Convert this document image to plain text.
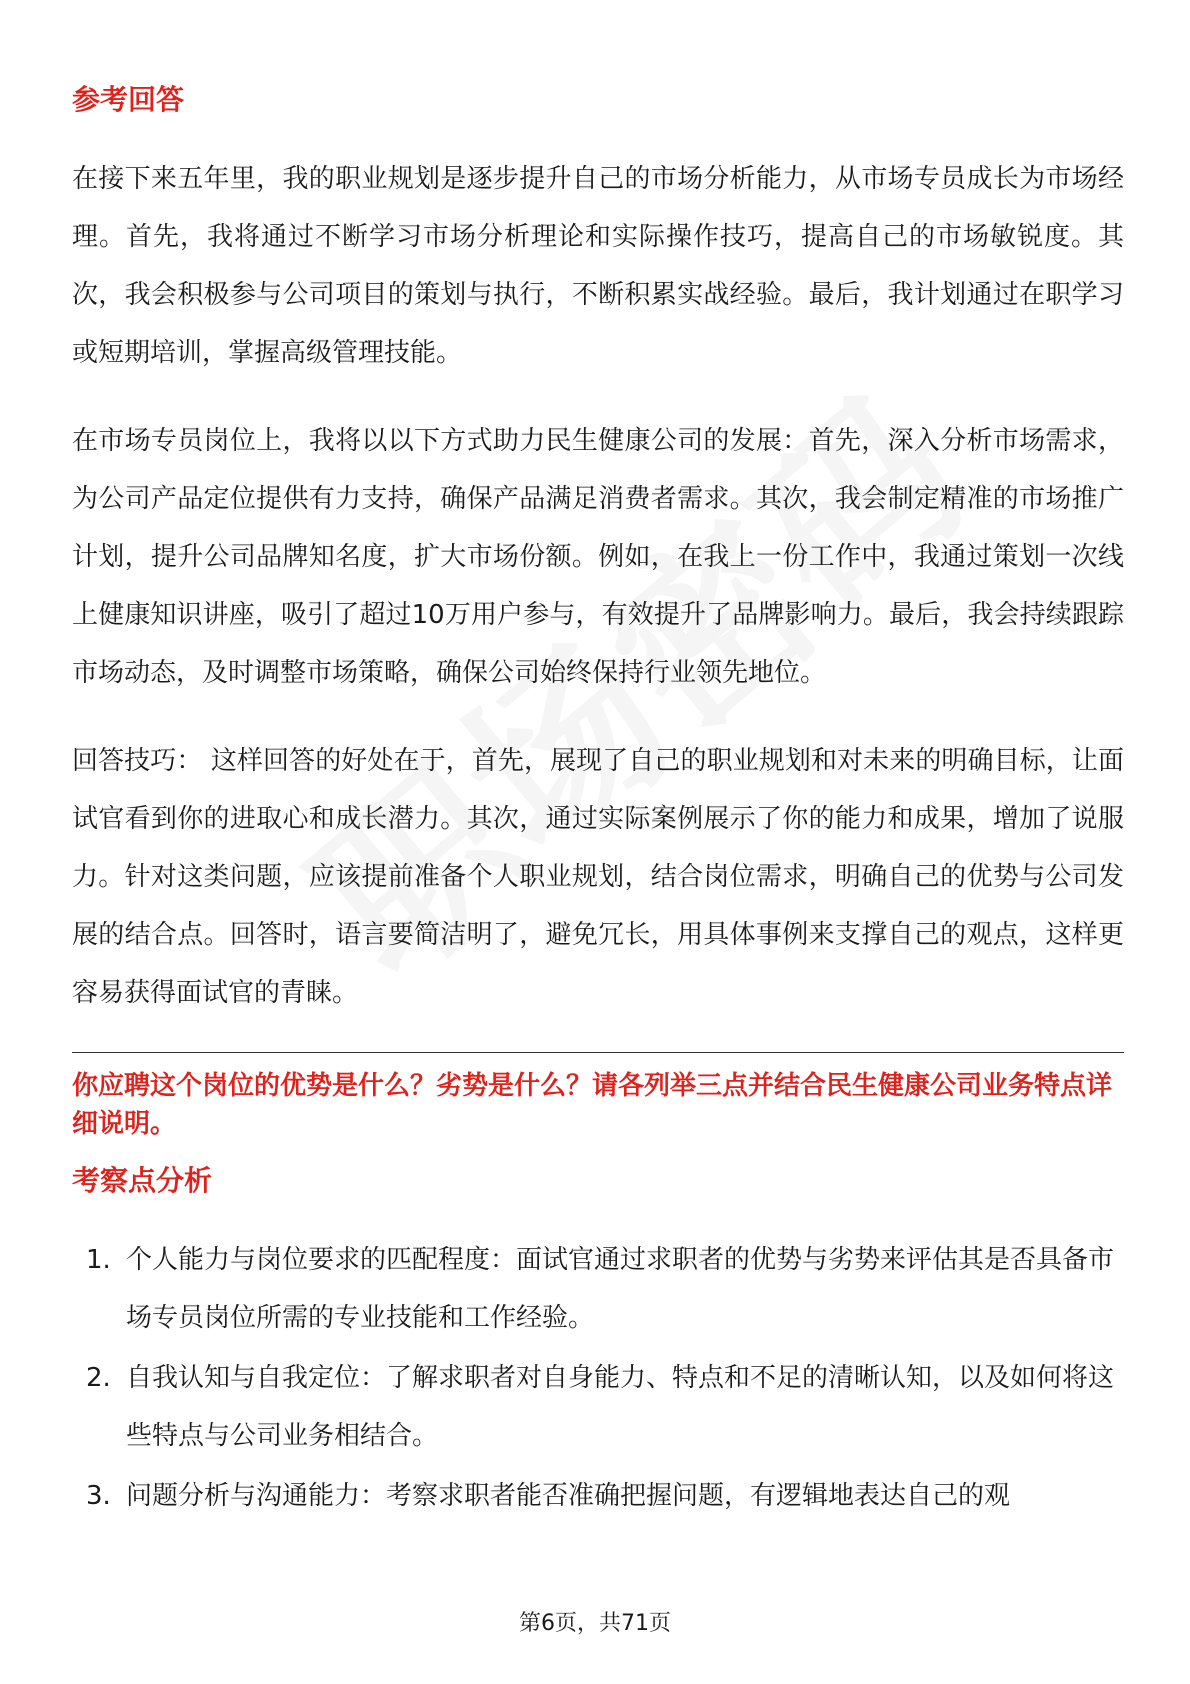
参考回答

在接下来五年里，我的职业规划是逐步提升自己的市场分析能力，从市场专员成长为市场经理。首先，我将通过不断学习市场分析理论和实际操作技巧，提高自己的市场敏锐度。其次，我会积极参与公司项目的策划与执行，不断积累实战经验。最后，我计划通过在职学习或短期培训，掌握高级管理技能。

在市场专员岗位上，我将以以下方式助力民生健康公司的发展：首先，深入分析市场需求，为公司产品定位提供有力支持，确保产品满足消费者需求。其次，我会制定精准的市场推广计划，提升公司品牌知名度，扩大市场份额。例如，在我上一份工作中，我通过策划一次线上健康知识讲座，吸引了超过10万用户参与，有效提升了品牌影响力。最后，我会持续跟踪市场动态，及时调整市场策略，确保公司始终保持行业领先地位。

回答技巧： 这样回答的好处在于，首先，展现了自己的职业规划和对未来的明确目标，让面试官看到你的进取心和成长潜力。其次，通过实际案例展示了你的能力和成果，增加了说服力。针对这类问题，应该提前准备个人职业规划，结合岗位需求，明确自己的优势与公司发展的结合点。回答时，语言要简洁明了，避免冗长，用具体事例来支撑自己的观点，这样更容易获得面试官的青睐。

你应聘这个岗位的优势是什么？劣势是什么？请各列举三点并结合民生健康公司业务特点详细说明。

考察点分析
1. 个人能力与岗位要求的匹配程度：面试官通过求职者的优势与劣势来评估其是否具备市场专员岗位所需的专业技能和工作经验。
2. 自我认知与自我定位：了解求职者对自身能力、特点和不足的清晰认知，以及如何将这些特点与公司业务相结合。
3. 问题分析与沟通能力：考察求职者能否准确把握问题，有逻辑地表达自己的观
第6页，共71页
